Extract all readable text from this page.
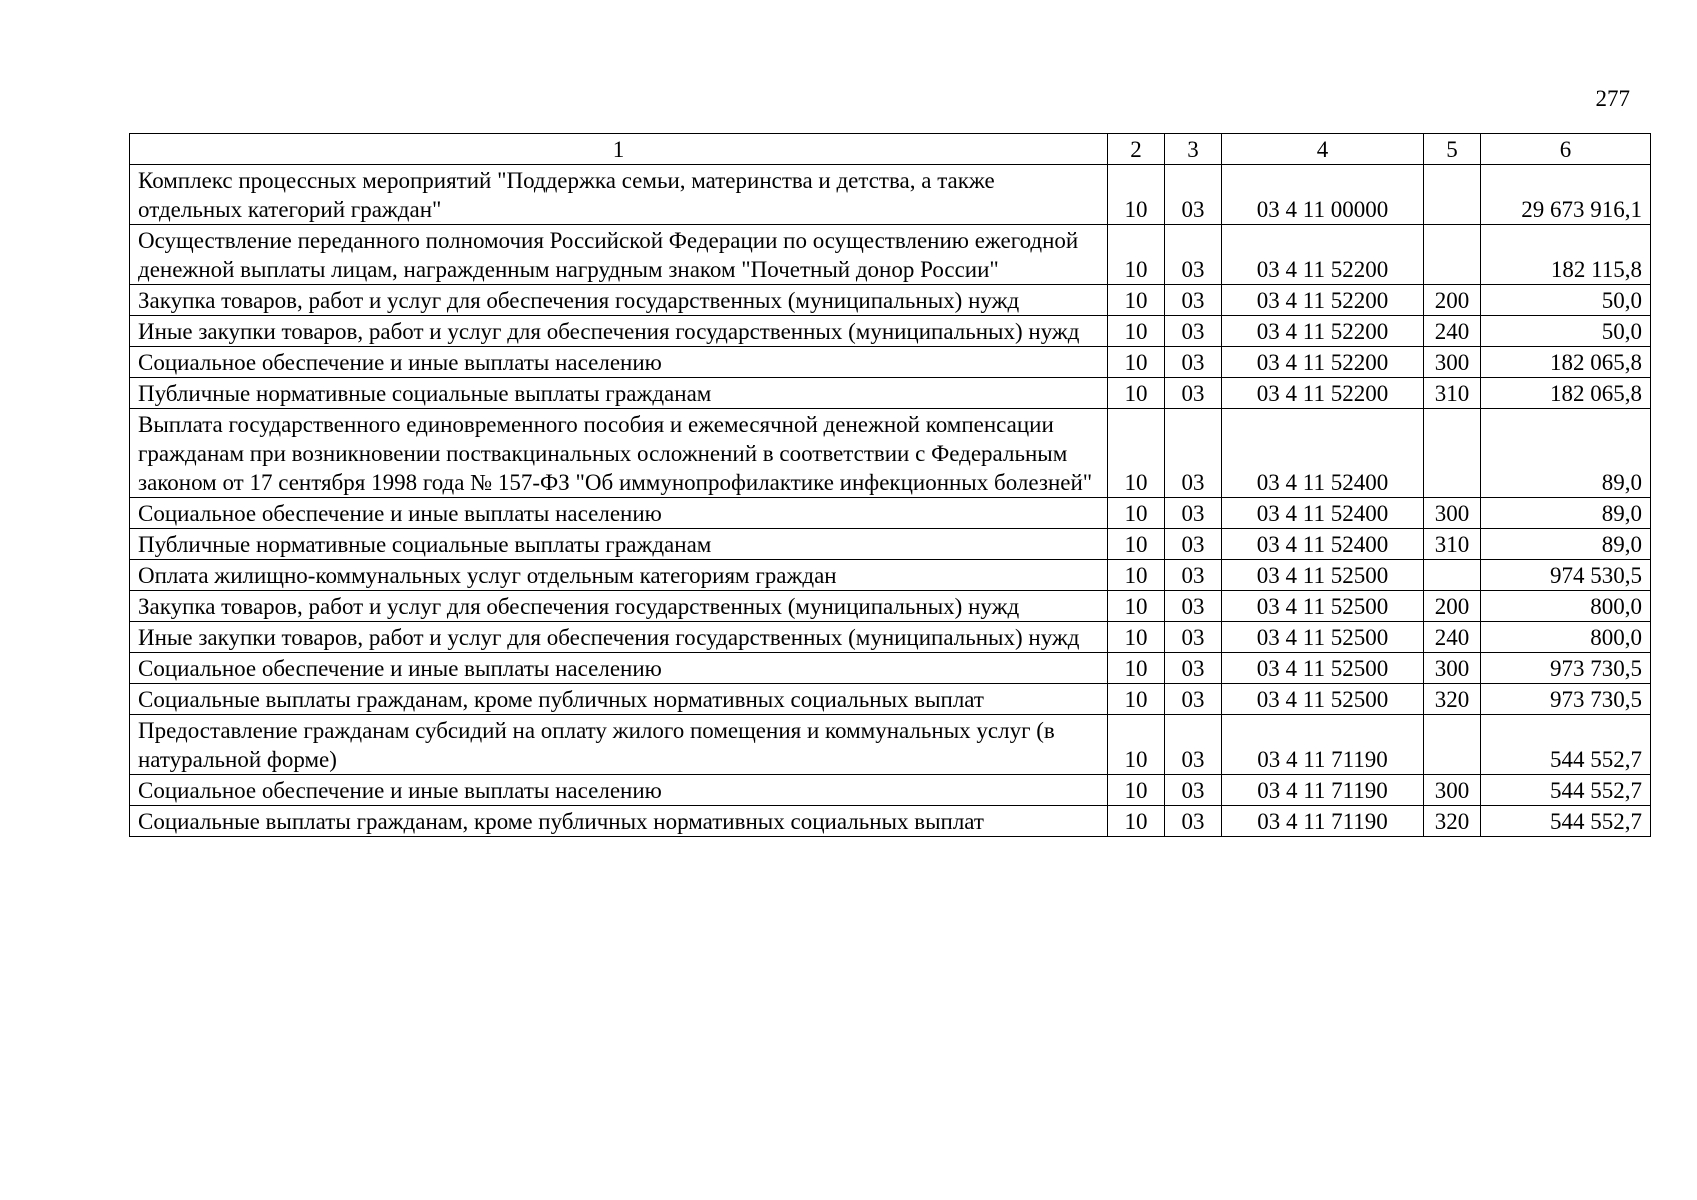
277
1	2	3	4	5	6
Комплекс процессных мероприятий "Поддержка семьи, материнства и детства, а также отдельных категорий граждан"	10	03	03 4 11 00000		29 673 916,1
Осуществление переданного полномочия Российской Федерации по осуществлению ежегодной денежной выплаты лицам, награжденным нагрудным знаком "Почетный донор России"	10	03	03 4 11 52200		182 115,8
Закупка товаров, работ и услуг для обеспечения государственных (муниципальных) нужд	10	03	03 4 11 52200	200	50,0
Иные закупки товаров, работ и услуг для обеспечения государственных (муниципальных) нужд	10	03	03 4 11 52200	240	50,0
Социальное обеспечение и иные выплаты населению	10	03	03 4 11 52200	300	182 065,8
Публичные нормативные социальные выплаты гражданам	10	03	03 4 11 52200	310	182 065,8
Выплата государственного единовременного пособия и ежемесячной денежной компенсации гражданам при возникновении поствакцинальных осложнений в соответствии с Федеральным законом от 17 сентября 1998 года № 157-ФЗ "Об иммунопрофилактике инфекционных болезней"	10	03	03 4 11 52400		89,0
Социальное обеспечение и иные выплаты населению	10	03	03 4 11 52400	300	89,0
Публичные нормативные социальные выплаты гражданам	10	03	03 4 11 52400	310	89,0
Оплата жилищно-коммунальных услуг отдельным категориям граждан	10	03	03 4 11 52500		974 530,5
Закупка товаров, работ и услуг для обеспечения государственных (муниципальных) нужд	10	03	03 4 11 52500	200	800,0
Иные закупки товаров, работ и услуг для обеспечения государственных (муниципальных) нужд	10	03	03 4 11 52500	240	800,0
Социальное обеспечение и иные выплаты населению	10	03	03 4 11 52500	300	973 730,5
Социальные выплаты гражданам, кроме публичных нормативных социальных выплат	10	03	03 4 11 52500	320	973 730,5
Предоставление гражданам субсидий на оплату жилого помещения и коммунальных услуг (в натуральной форме)	10	03	03 4 11 71190		544 552,7
Социальное обеспечение и иные выплаты населению	10	03	03 4 11 71190	300	544 552,7
Социальные выплаты гражданам, кроме публичных нормативных социальных выплат	10	03	03 4 11 71190	320	544 552,7
